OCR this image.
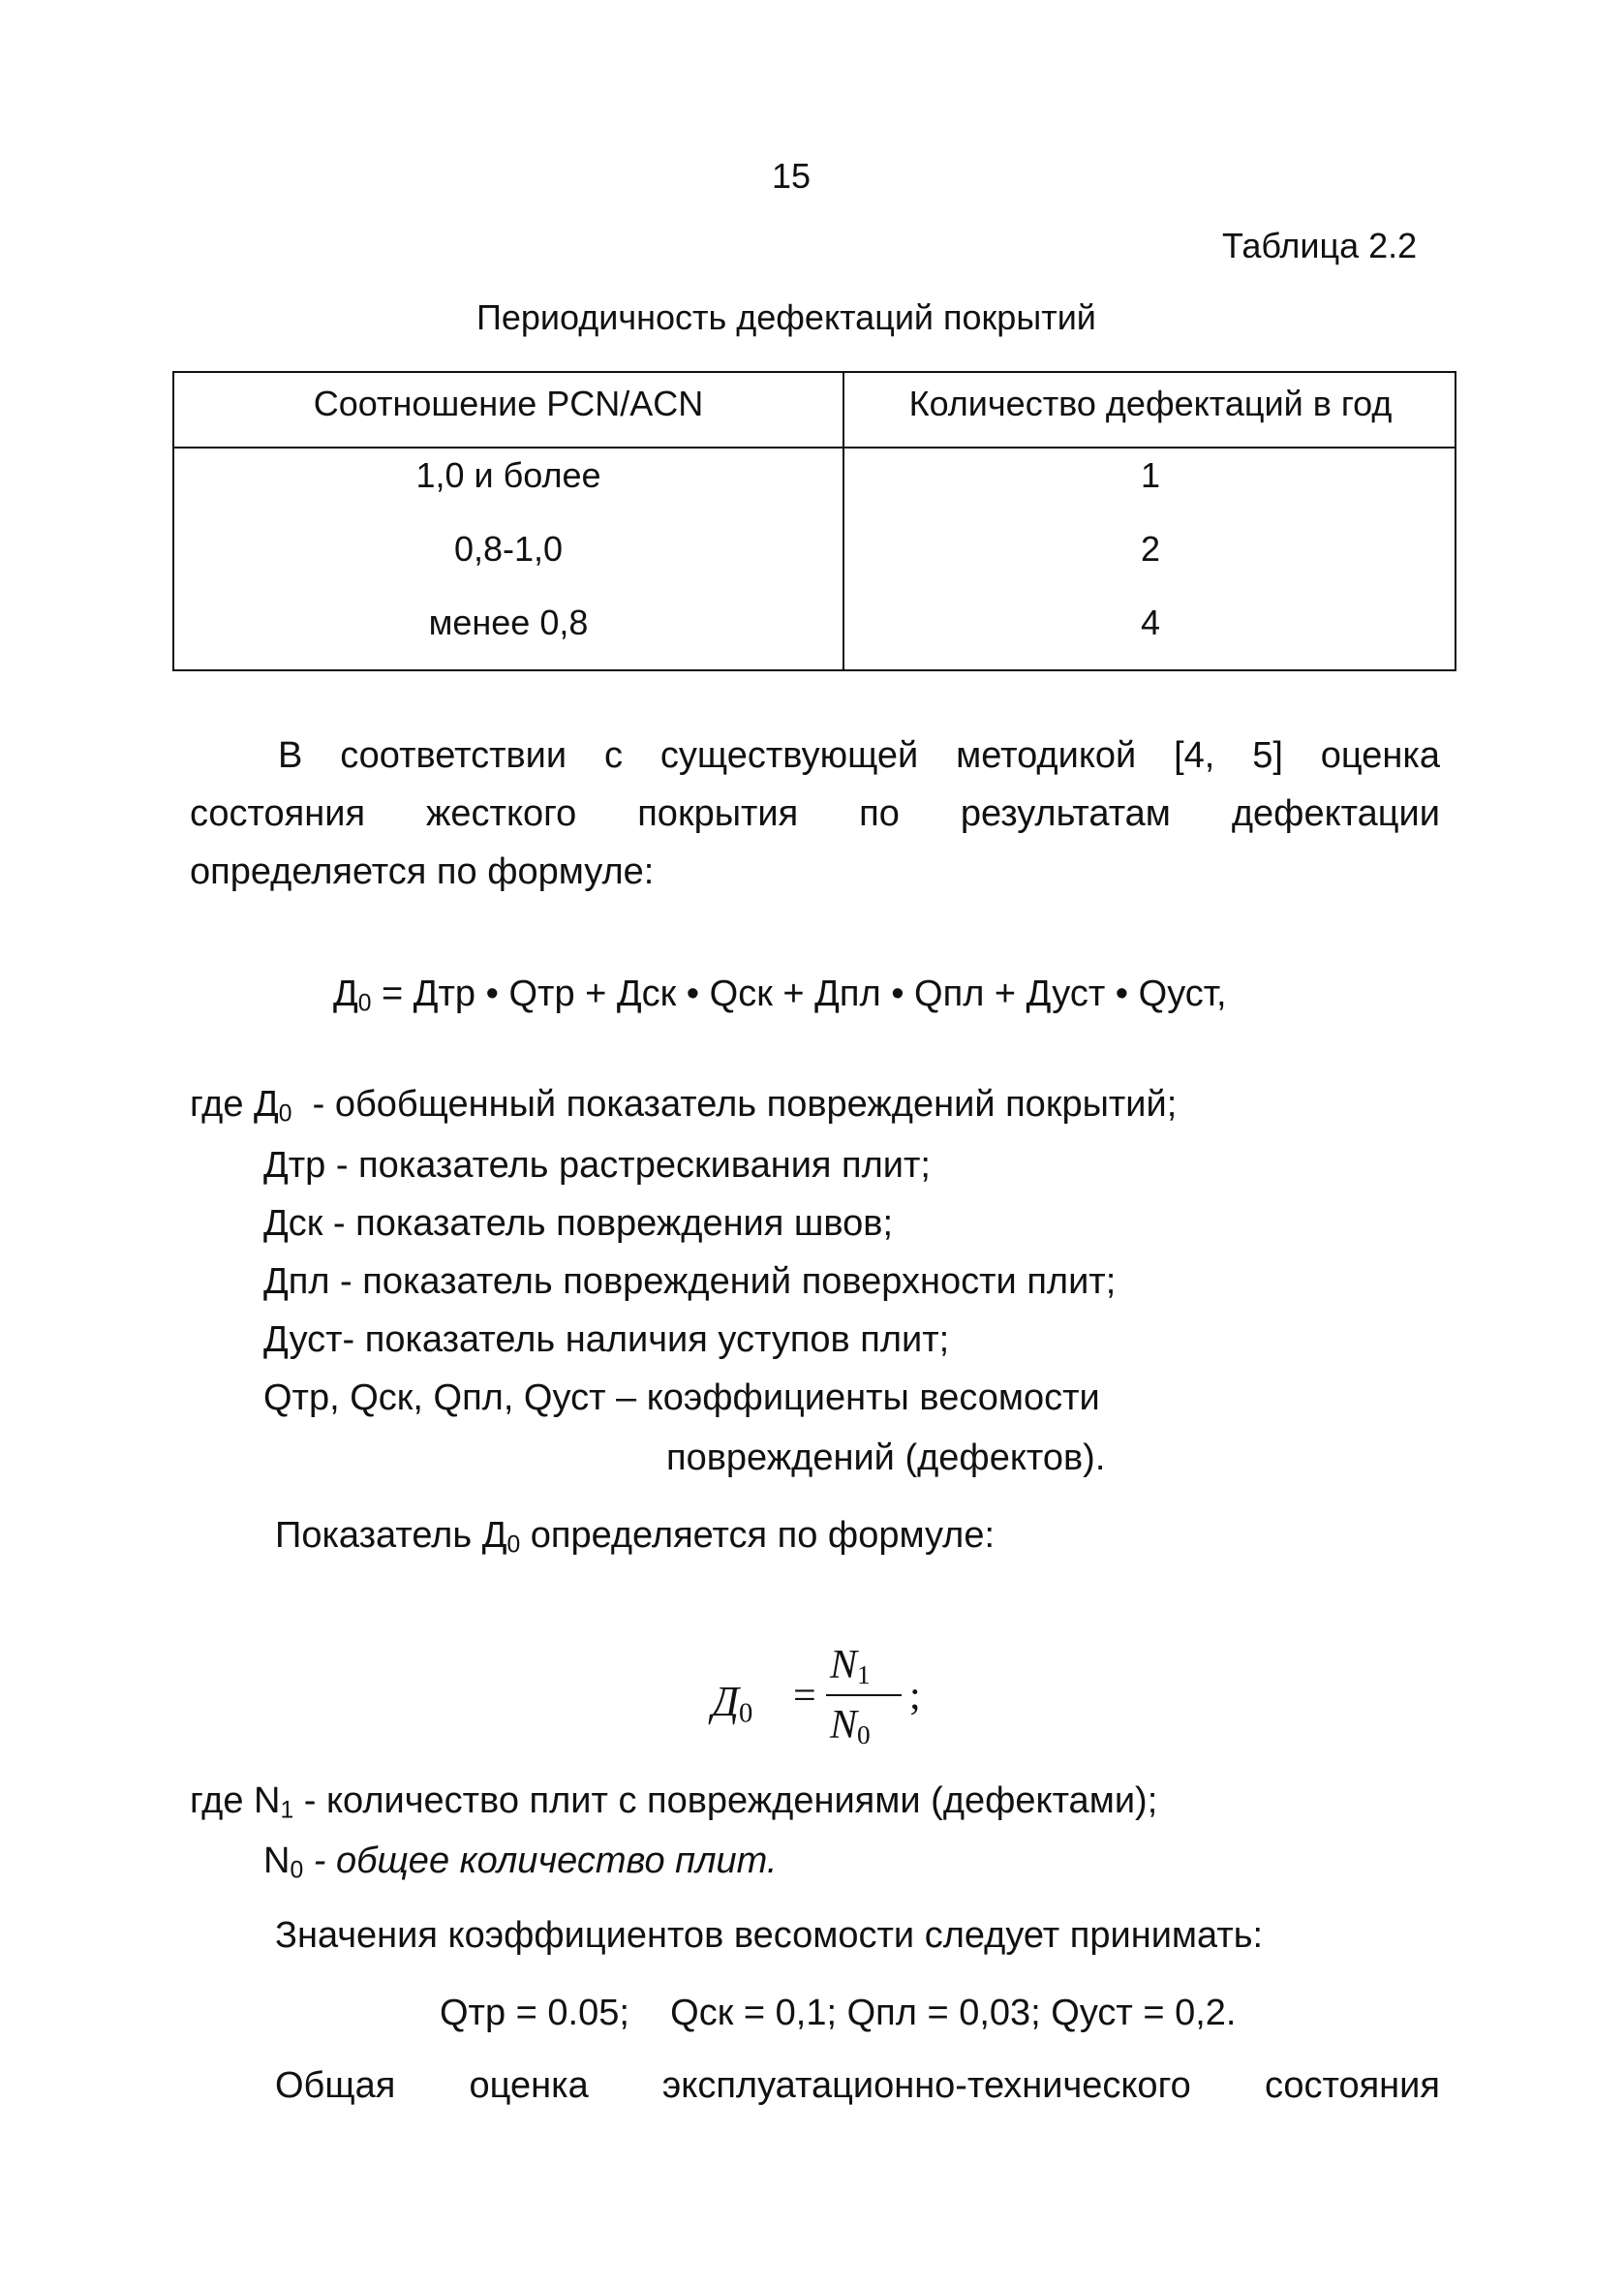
15
Таблица 2.2
Периодичность дефектаций покрытий
Соотношение PCN/ACN	Количество дефектаций в год
1,0 и более	1
0,8-1,0	2
менее 0,8	4
В соответствии с существующей методикой [4, 5] оценка
состояния жесткого покрытия по результатам дефектации
определяется по формуле:
$Д_0$ = Дтр • Qтр + Дск • Qск + Дпл • Qпл + Дуст • Qуст,
где $Д_0$  - обобщенный показатель повреждений покрытий;
Дтр - показатель растрескивания плит;
Дск - показатель повреждения швов;
Дпл - показатель повреждений поверхности плит;
Дуст- показатель наличия уступов плит;
Qтр, Qск, Qпл, Qуст – коэффициенты весомости
повреждений (дефектов).
Показатель $Д_0$ определяется по формуле:
$Д_0$ =
$N_1$
$N_0$
;
где $N_1$ - количество плит с повреждениями (дефектами);
$N_0$ - общее количество плит.
Значения коэффициентов весомости следует принимать:
Qтр = 0.05;    Qск = 0,1; Qпл = 0,03; Qуст = 0,2.
Общая оценка эксплуатационно-технического состояния
